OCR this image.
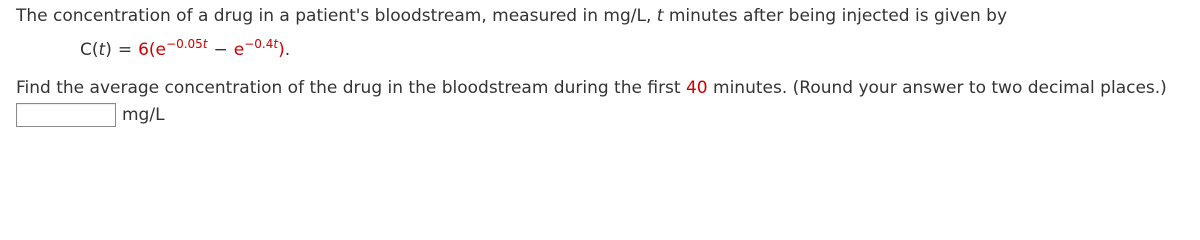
The concentration of a drug in a patient's bloodstream, measured in mg/L, t minutes after being injected is given by
$C(t) = 6(e^{-0.05t} - e^{-0.4t})$.
Find the average concentration of the drug in the bloodstream during the first 40 minutes. (Round your answer to two decimal places.)
mg/L
